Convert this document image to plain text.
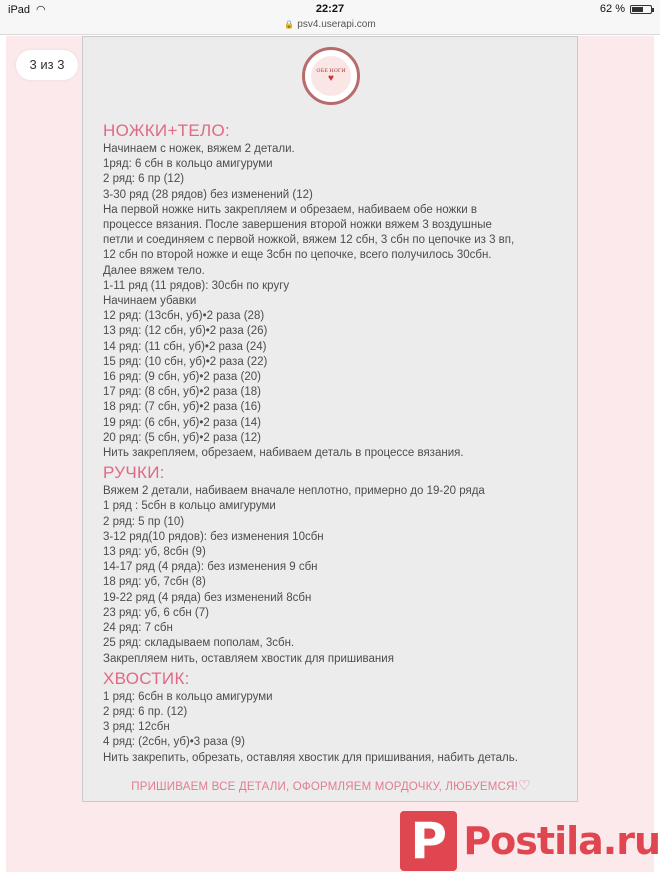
iPad ◠	22:27	62 %
🔒 psv4.userapi.com
3 из 3	ОБЕ НОГИ
♥
НОЖКИ+ТЕЛО:
Начинаем с ножек, вяжем 2 детали.
1ряд: 6 сбн в кольцо амигуруми
2 ряд: 6 пр (12)
3-30 ряд (28 рядов) без изменений (12)
На первой ножке нить закрепляем и обрезаем, набиваем обе ножки в
процессе вязания. После завершения второй ножки вяжем 3 воздушные
петли и соединяем с первой ножкой, вяжем 12 сбн, 3 сбн по цепочке из 3 вп,
12 сбн по второй ножке и еще 3сбн по цепочке, всего получилось 30сбн.
Далее вяжем тело.
1-11 ряд (11 рядов): 30сбн по кругу
Начинаем убавки
12 ряд: (13сбн, уб)•2 раза (28)
13 ряд: (12 сбн, уб)•2 раза (26)
14 ряд: (11 сбн, уб)•2 раза (24)
15 ряд: (10 сбн, уб)•2 раза (22)
16 ряд: (9 сбн, уб)•2 раза (20)
17 ряд: (8 сбн, уб)•2 раза (18)
18 ряд: (7 сбн, уб)•2 раза (16)
19 ряд: (6 сбн, уб)•2 раза (14)
20 ряд: (5 сбн, уб)•2 раза (12)
Нить закрепляем, обрезаем, набиваем деталь в процессе вязания.
РУЧКИ:
Вяжем 2 детали, набиваем вначале неплотно, примерно до 19-20 ряда
1 ряд : 5сбн в кольцо амигуруми
2 ряд: 5 пр (10)
3-12 ряд(10 рядов): без изменения 10сбн
13 ряд: уб, 8сбн (9)
14-17 ряд (4 ряда): без изменения 9 сбн
18 ряд: уб, 7сбн (8)
19-22 ряд (4 ряда) без изменений 8сбн
23 ряд: уб, 6 сбн (7)
24 ряд: 7 сбн
25 ряд: складываем пополам, 3сбн.
Закрепляем нить, оставляем хвостик для пришивания
ХВОСТИК:
1 ряд: 6сбн в кольцо амигуруми
2 ряд: 6 пр. (12)
3 ряд: 12сбн
4 ряд: (2сбн, уб)•3 раза (9)
Нить закрепить, обрезать, оставляя хвостик для пришивания, набить деталь.
ПРИШИВАЕМ ВСЕ ДЕТАЛИ, ОФОРМЛЯЕМ МОРДОЧКУ, ЛЮБУЕМСЯ!♡
P Postila.ru
